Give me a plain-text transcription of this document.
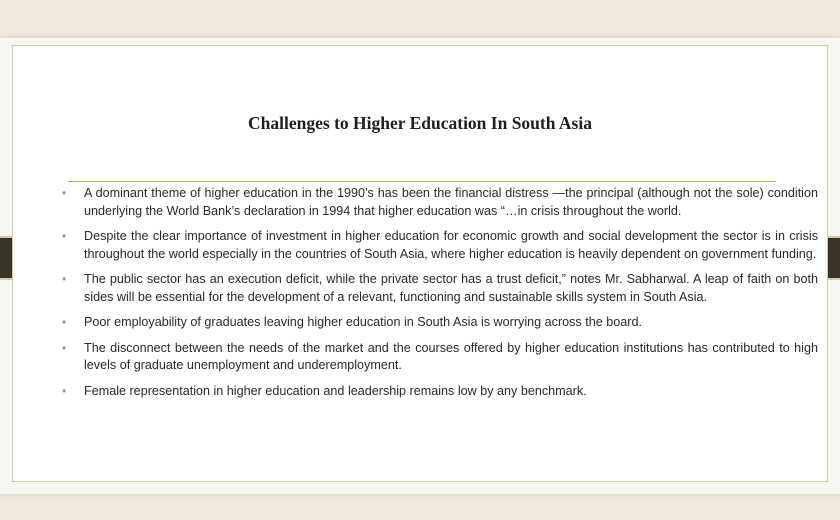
Challenges to Higher Education In South Asia
• A dominant theme of higher education in the 1990’s has been the financial distress —the principal (although not the sole) condition underlying the World Bank’s declaration in 1994 that higher education was “…in crisis throughout the world.
• Despite the clear importance of investment in higher education for economic growth and social development the sector is in crisis throughout the world especially in the countries of South Asia, where higher education is heavily dependent on government funding.
• The public sector has an execution deficit, while the private sector has a trust deficit,” notes Mr. Sabharwal. A leap of faith on both sides will be essential for the development of a relevant, functioning and sustainable skills system in South Asia.
• Poor employability of graduates leaving higher education in South Asia is worrying across the board.
• The disconnect between the needs of the market and the courses offered by higher education institutions has contributed to high levels of graduate unemployment and underemployment.
• Female representation in higher education and leadership remains low by any benchmark.
